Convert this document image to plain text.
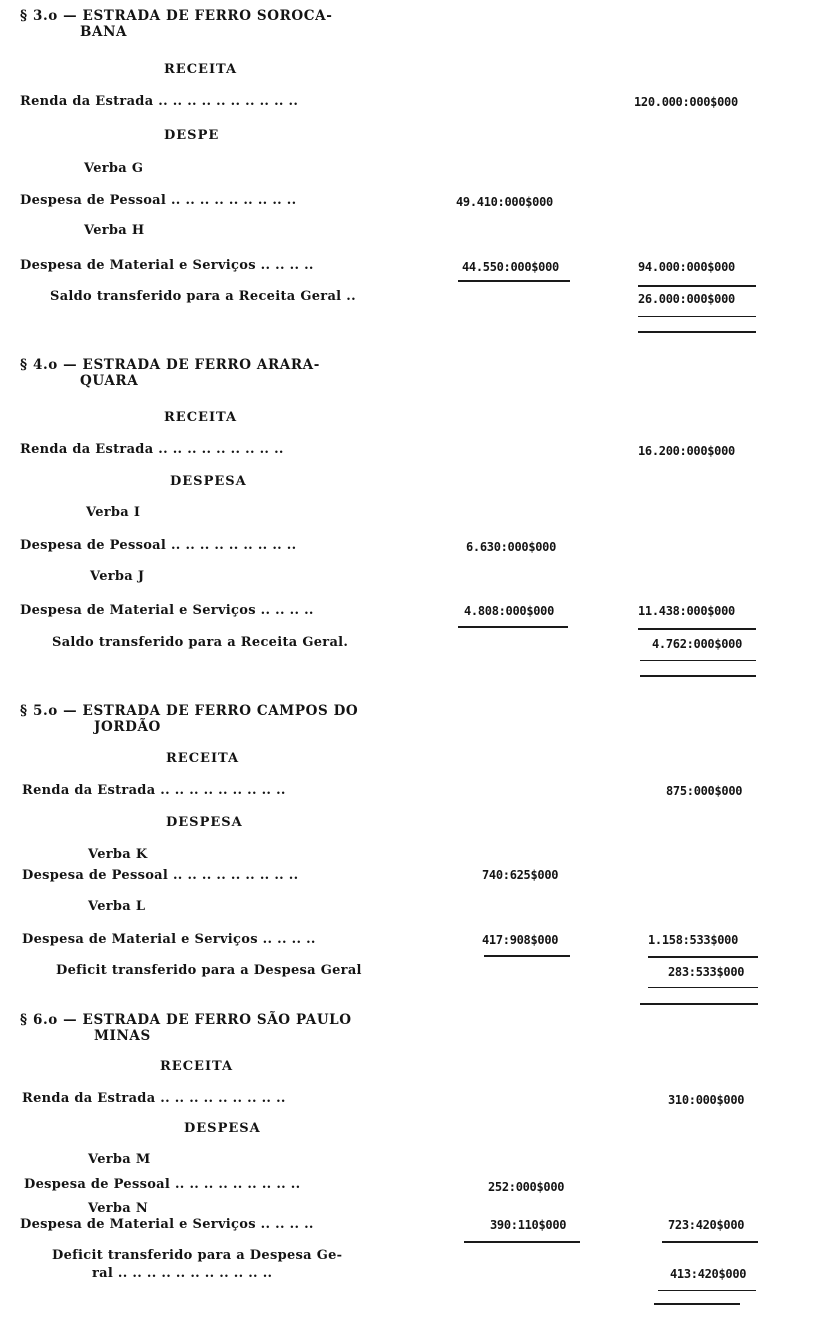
§ 3.o — ESTRADA DE FERRO SOROCA-
BANA
RECEITA
Renda da Estrada .. .. .. .. .. .. .. .. .. ..	120.000:000$000
DESPE
Verba G
Despesa de Pessoal .. .. .. .. .. .. .. .. ..	49.410:000$000
Verba H
Despesa de Material e Serviços .. .. .. ..	44.550:000$000	94.000:000$000
Saldo transferido para a Receita Geral ..	26.000:000$000
§ 4.o — ESTRADA DE FERRO ARARA-
QUARA
RECEITA
Renda da Estrada .. .. .. .. .. .. .. .. ..	16.200:000$000
DESPESA
Verba I
Despesa de Pessoal .. .. .. .. .. .. .. .. ..	6.630:000$000
Verba J
Despesa de Material e Serviços .. .. .. ..	4.808:000$000	11.438:000$000
Saldo transferido para a Receita Geral.	4.762:000$000
§ 5.o — ESTRADA DE FERRO CAMPOS DO
JORDÃO
RECEITA
Renda da Estrada .. .. .. .. .. .. .. .. ..	875:000$000
DESPESA
Verba K
Despesa de Pessoal .. .. .. .. .. .. .. .. ..	740:625$000
Verba L
Despesa de Material e Serviços .. .. .. ..	417:908$000	1.158:533$000
Deficit transferido para a Despesa Geral	283:533$000
§ 6.o — ESTRADA DE FERRO SÃO PAULO
MINAS
RECEITA
Renda da Estrada .. .. .. .. .. .. .. .. ..	310:000$000
DESPESA
Verba M
Despesa de Pessoal .. .. .. .. .. .. .. .. ..	252:000$000
Verba N
Despesa de Material e Serviços .. .. .. ..	390:110$000	723:420$000
Deficit transferido para a Despesa Ge-
ral .. .. .. .. .. .. .. .. .. .. ..	413:420$000
